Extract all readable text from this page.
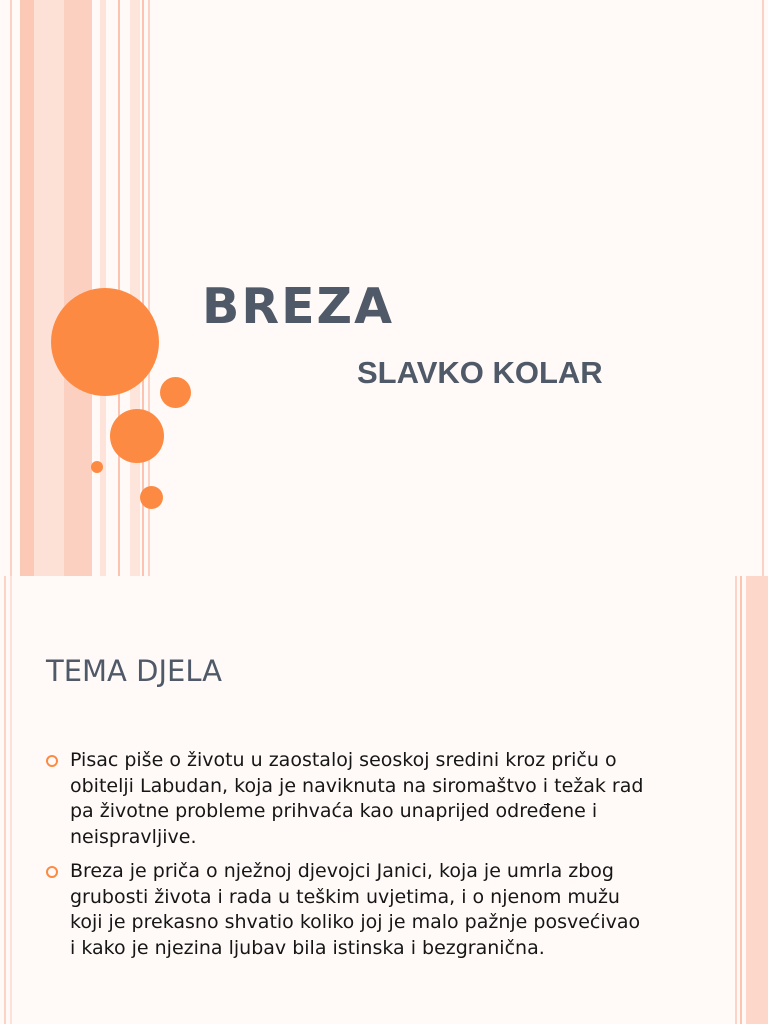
BREZA
SLAVKO KOLAR
TEMA DJELA
Pisac piše o životu u zaostaloj seoskoj sredini kroz priču o obitelji Labudan, koja je naviknuta na siromaštvo i težak rad pa životne probleme prihvaća kao unaprijed određene i neispravljive.
Breza je priča o nježnoj djevojci Janici, koja je umrla zbog grubosti života i rada u teškim uvjetima, i o njenom mužu koji je prekasno shvatio koliko joj je malo pažnje posvećivao i kako je njezina ljubav bila istinska i bezgranična.
